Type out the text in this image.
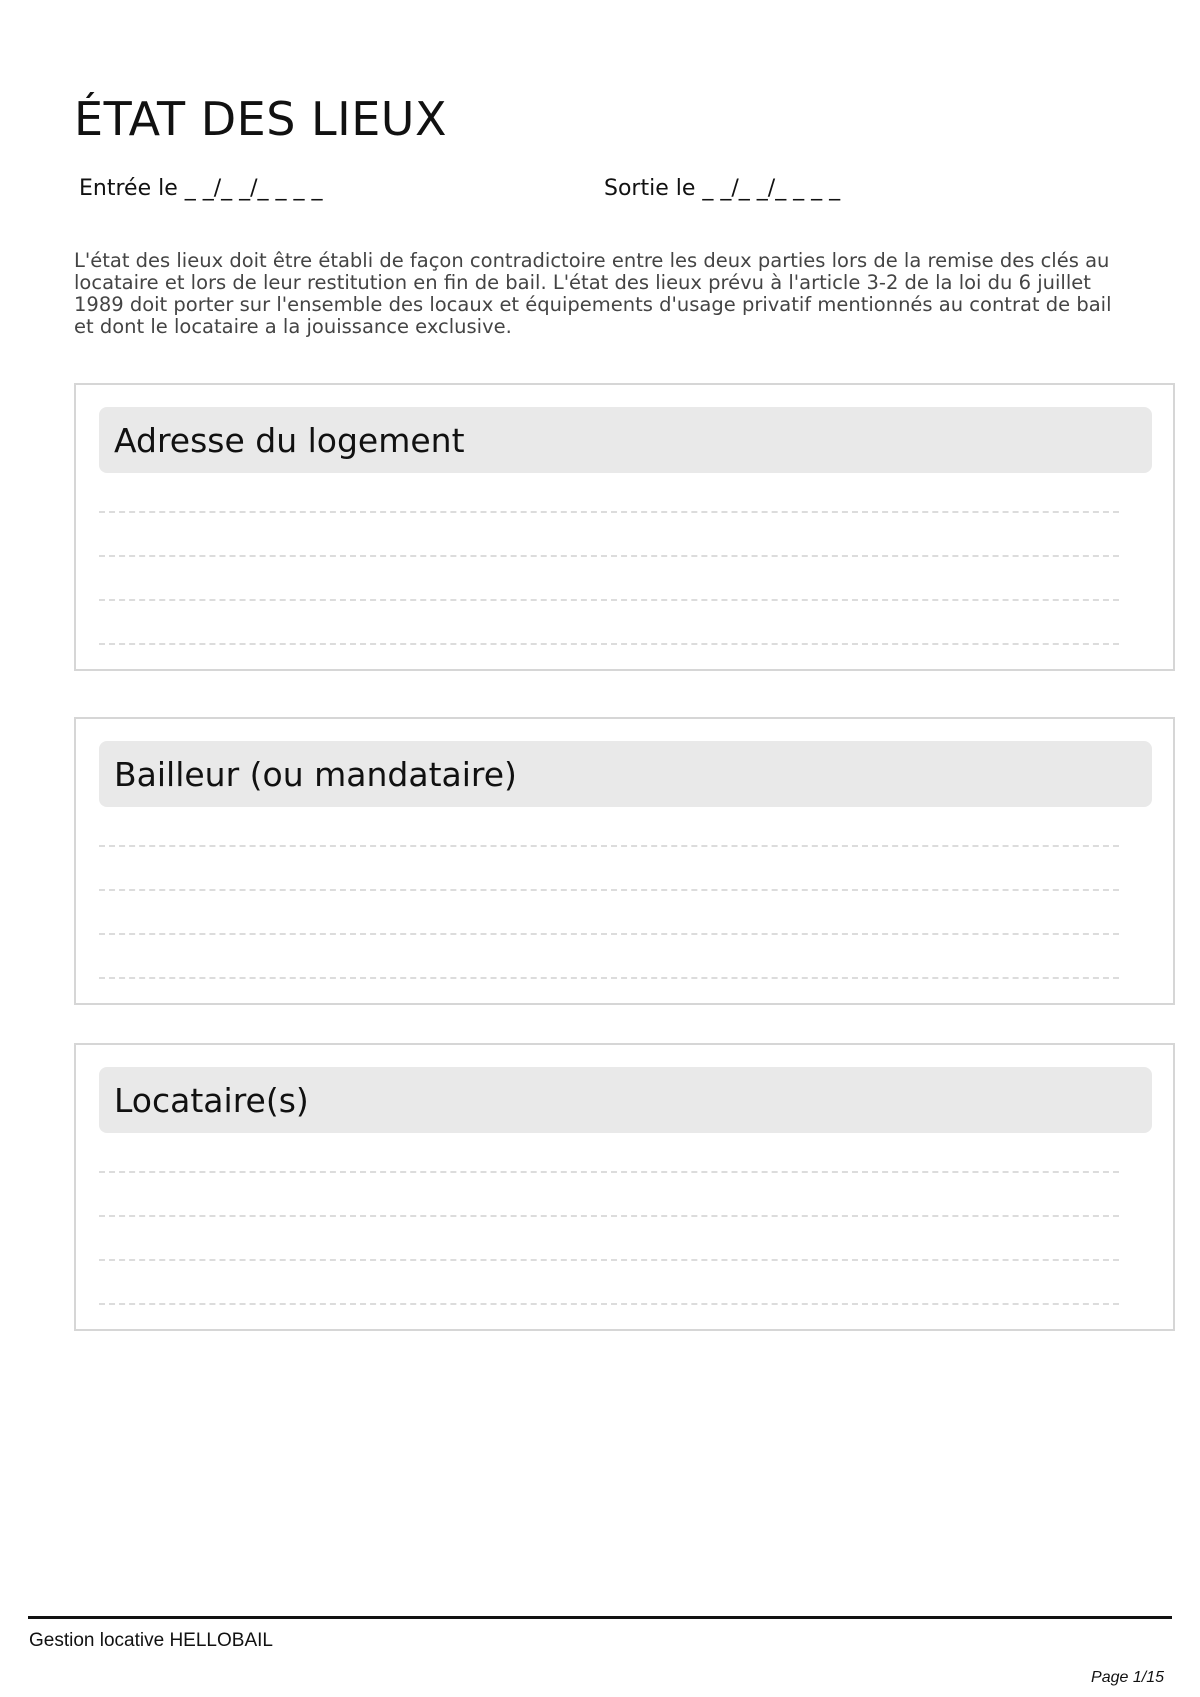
ÉTAT DES LIEUX
Entrée le _ _/_ _/_ _ _ _	Sortie le _ _/_ _/_ _ _ _

L'état des lieux doit être établi de façon contradictoire entre les deux parties lors de la remise des clés au locataire et lors de leur restitution en fin de bail. L'état des lieux prévu à l'article 3-2 de la loi du 6 juillet 1989 doit porter sur l'ensemble des locaux et équipements d'usage privatif mentionnés au contrat de bail et dont le locataire a la jouissance exclusive.

Adresse du logement
Bailleur (ou mandataire)
Locataire(s)
Gestion locative HELLOBAIL
Page 1/15
